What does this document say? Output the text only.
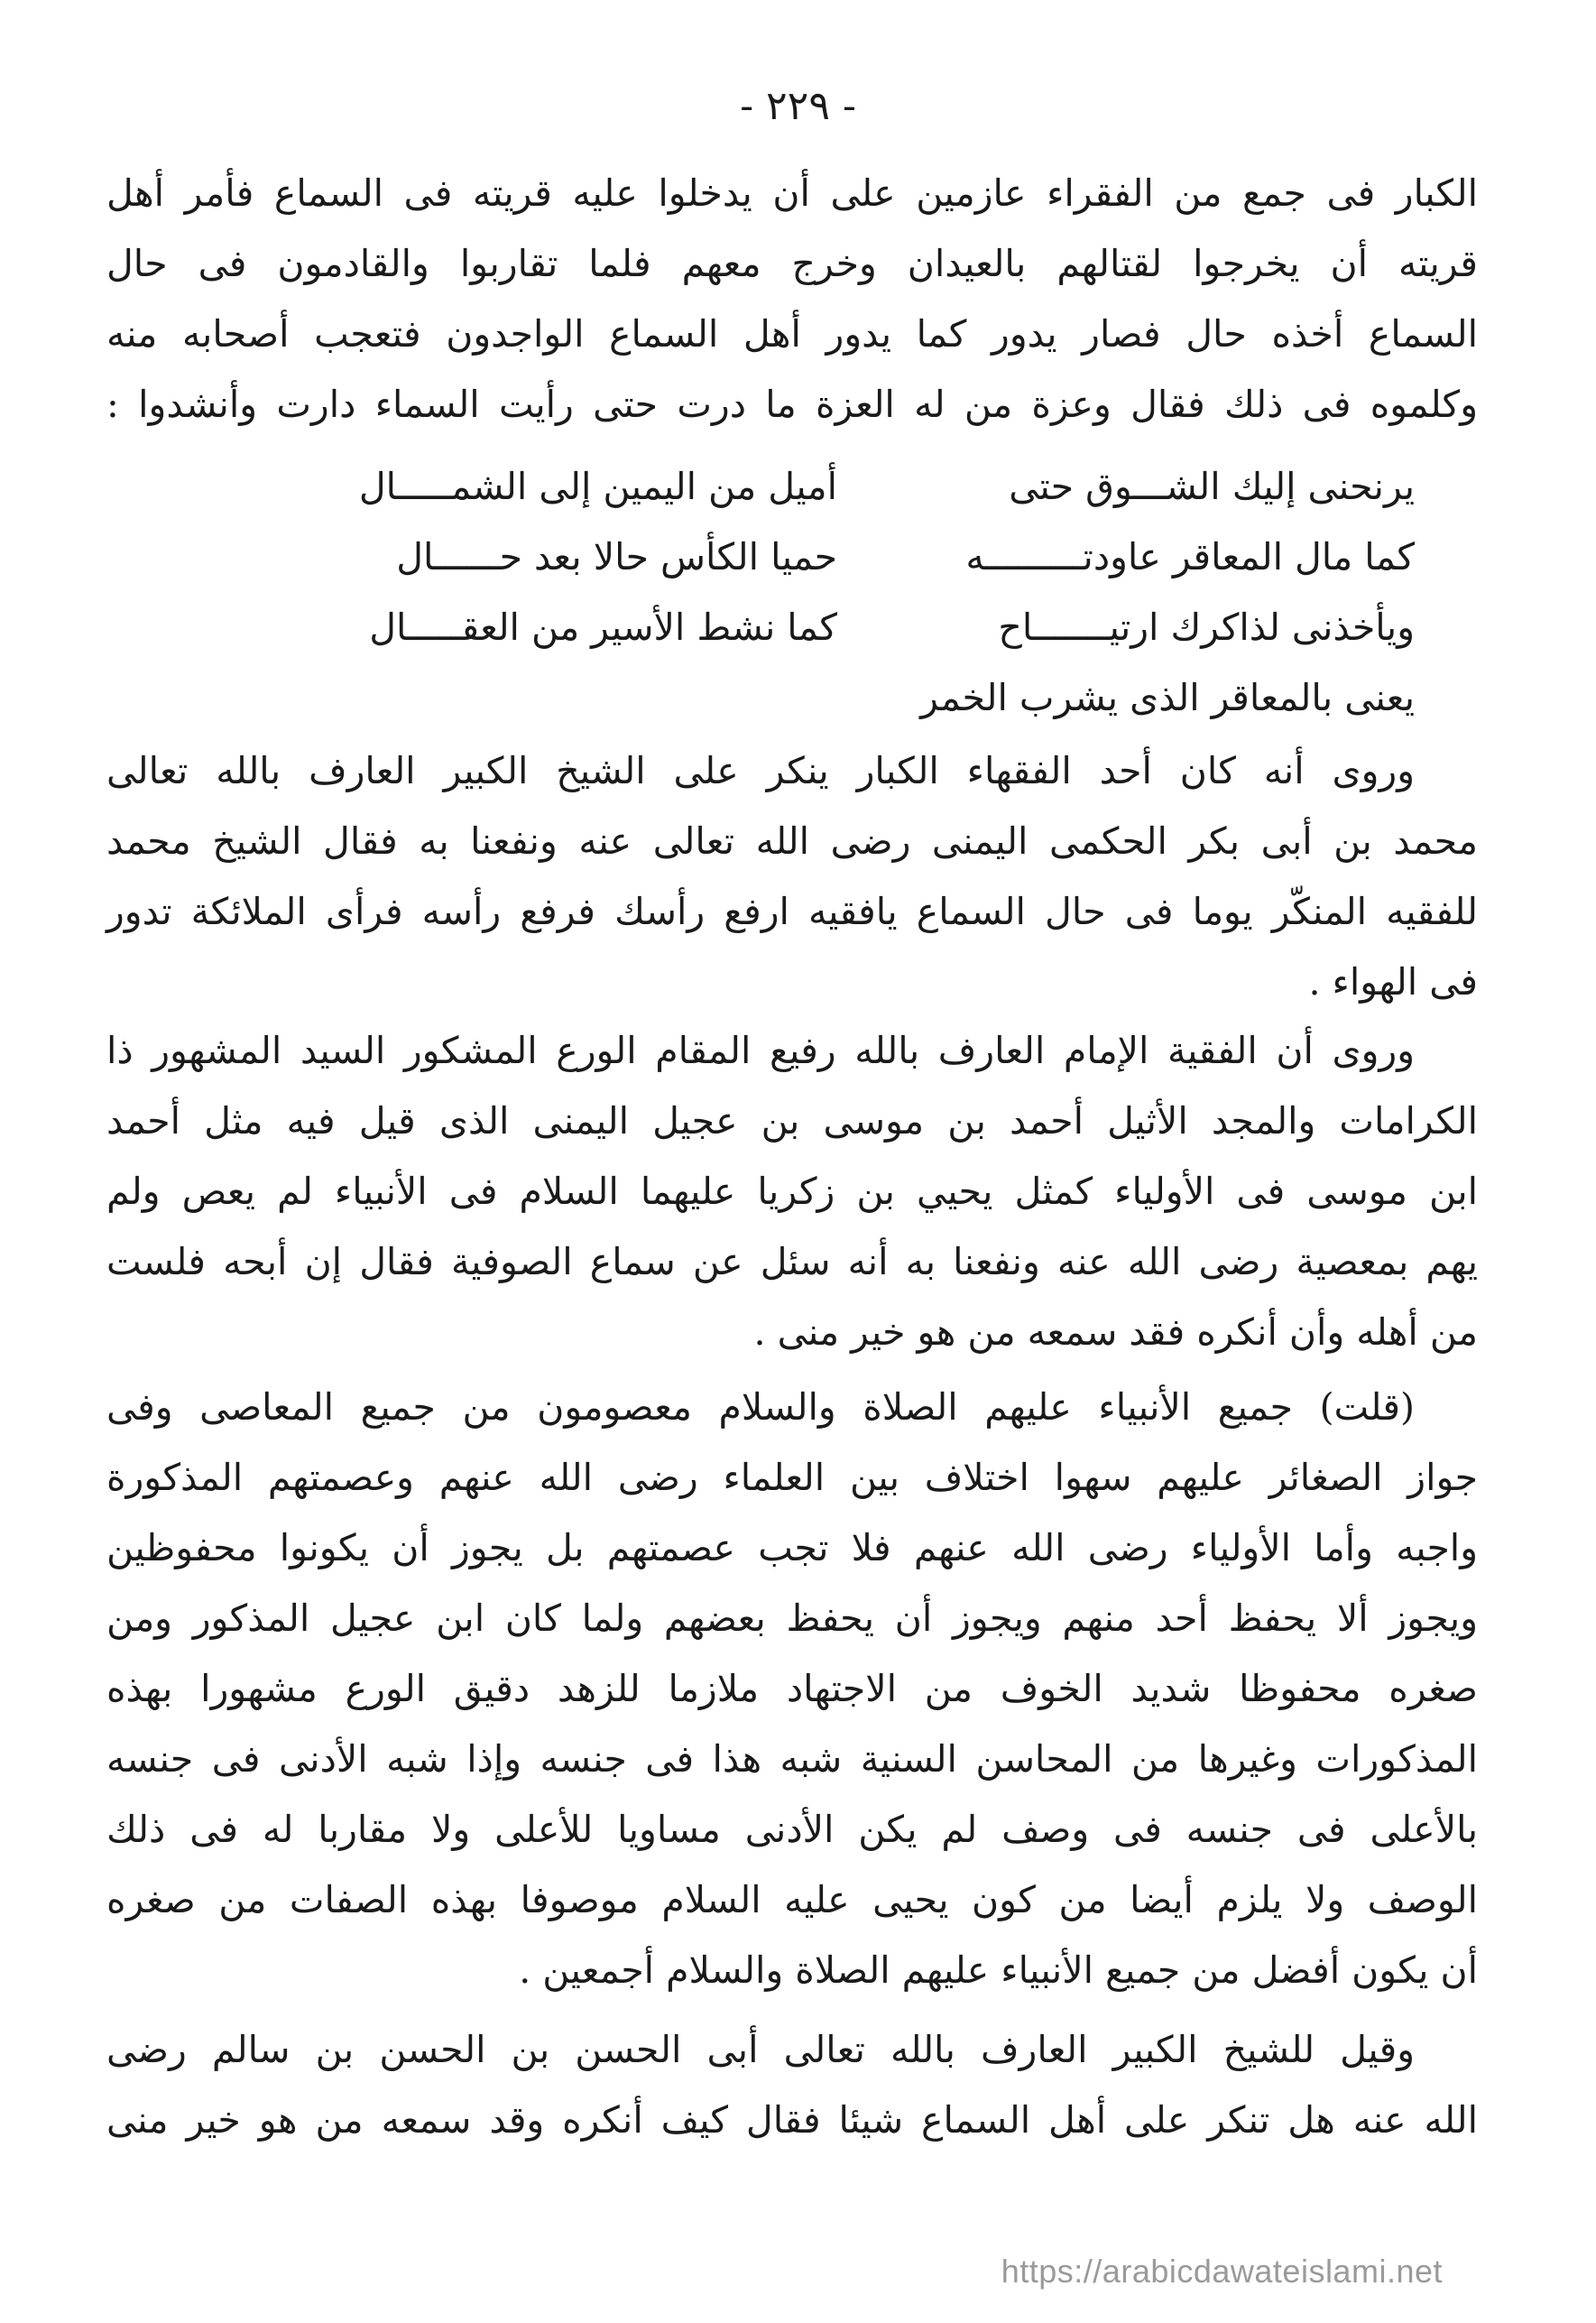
- ٢٢٩ -
الكبار فى جمع من الفقراء عازمين على أن يدخلوا عليه قريته فى السماع فأمر أهل
قريته أن يخرجوا لقتالهم بالعيدان وخرج معهم فلما تقاربوا والقادمون فى حال
السماع أخذه حال فصار يدور كما يدور أهل السماع الواجدون فتعجب أصحابه منه
وكلموه فى ذلك فقال وعزة من له العزة ما درت حتى رأيت السماء دارت وأنشدوا :
يرنحنى إليك الشـــوق حتى
أميل من اليمين إلى الشمـــــال
كما مال المعاقر عاودتـــــــــه
حميا الكأس حالا بعد حــــــال
ويأخذنى لذاكرك ارتيـــــــاح
كما نشط الأسير من العقـــــال
يعنى بالمعاقر الذى يشرب الخمر
وروى أنه كان أحد الفقهاء الكبار ينكر على الشيخ الكبير العارف بالله تعالى
محمد بن أبى بكر الحكمى اليمنى رضى الله تعالى عنه ونفعنا به فقال الشيخ محمد
للفقيه المنكّر يوما فى حال السماع يافقيه ارفع رأسك فرفع رأسه فرأى الملائكة تدور
فى الهواء .
وروى أن الفقية الإمام العارف بالله رفيع المقام الورع المشكور السيد المشهور ذا
الكرامات والمجد الأثيل أحمد بن موسى بن عجيل اليمنى الذى قيل فيه مثل أحمد
ابن موسى فى الأولياء كمثل يحيي بن زكريا عليهما السلام فى الأنبياء لم يعص ولم
يهم بمعصية رضى الله عنه ونفعنا به أنه سئل عن سماع الصوفية فقال إن أبحه فلست
من أهله وأن أنكره فقد سمعه من هو خير منى .
(قلت) جميع الأنبياء عليهم الصلاة والسلام معصومون من جميع المعاصى وفى
جواز الصغائر عليهم سهوا اختلاف بين العلماء رضى الله عنهم وعصمتهم المذكورة
واجبه وأما الأولياء رضى الله عنهم فلا تجب عصمتهم بل يجوز أن يكونوا محفوظين
ويجوز ألا يحفظ أحد منهم ويجوز أن يحفظ بعضهم ولما كان ابن عجيل المذكور ومن
صغره محفوظا شديد الخوف من الاجتهاد ملازما للزهد دقيق الورع مشهورا بهذه
المذكورات وغيرها من المحاسن السنية شبه هذا فى جنسه وإذا شبه الأدنى فى جنسه
بالأعلى فى جنسه فى وصف لم يكن الأدنى مساويا للأعلى ولا مقاربا له فى ذلك
الوصف ولا يلزم أيضا من كون يحيى عليه السلام موصوفا بهذه الصفات من صغره
أن يكون أفضل من جميع الأنبياء عليهم الصلاة والسلام أجمعين .
وقيل للشيخ الكبير العارف بالله تعالى أبى الحسن بن الحسن بن سالم رضى
الله عنه هل تنكر على أهل السماع شيئا فقال كيف أنكره وقد سمعه من هو خير منى
https://arabicdawateislami.net
